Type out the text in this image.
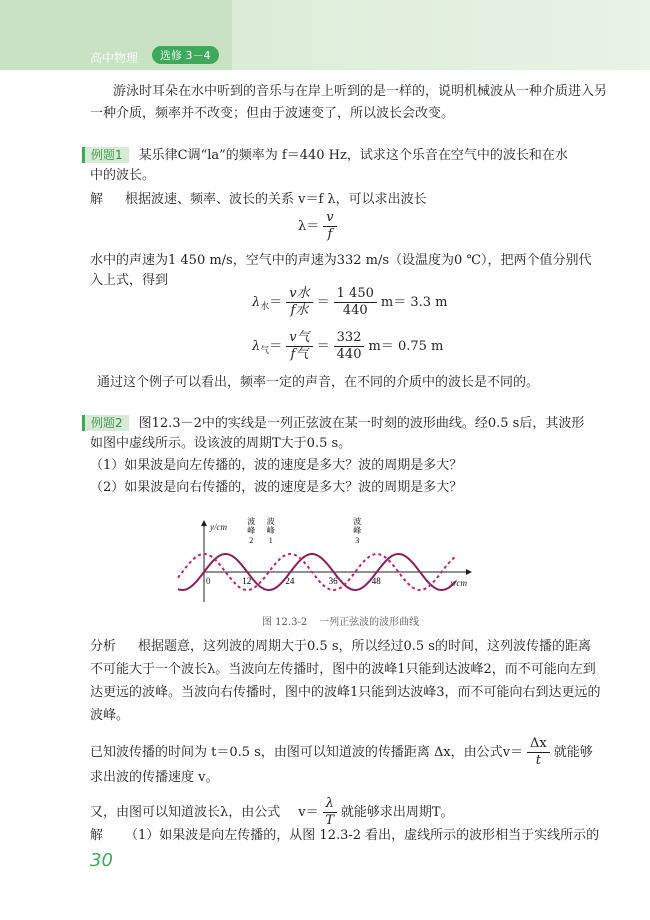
高中物理	选修 3－4
游泳时耳朵在水中听到的音乐与在岸上听到的是一样的，说明机械波从一种介质进入另
一种介质，频率并不改变；但由于波速变了，所以波长会改变。
例题1 某乐律C调“la”的频率为 f＝440 Hz，试求这个乐音在空气中的波长和在水
中的波长。
解 根据波速、频率、波长的关系 v＝f λ，可以求出波长
$\lambda= \frac{v}{f}$
水中的声速为1 450 m/s，空气中的声速为332 m/s（设温度为0 ℃），把两个值分别代
入上式，得到
$\lambda_水= \frac{\text{v水}}{\text{f水}} = \frac{1 450}{440} m= 3.3$ m
$\lambda_气= \frac{\text{v气}}{\text{f气}} = \frac{332}{440} m= 0.75$ m
通过这个例子可以看出，频率一定的声音，在不同的介质中的波长是不同的。
例题2 图12.3－2中的实线是一列正弦波在某一时刻的波形曲线。经0.5 s后，其波形
如图中虚线所示。设该波的周期T大于0.5 s。
（1）如果波是向左传播的，波的速度是多大？波的周期是多大？
（2）如果波是向右传播的，波的速度是多大？波的周期是多大？
y/cm
x/cm
0	12	24	36	48
波
峰
2
波
峰
1
波
峰
3
图 12.3-2 一列正弦波的波形曲线
分析 根据题意，这列波的周期大于0.5 s，所以经过0.5 s的时间，这列波传播的距离
不可能大于一个波长λ。当波向左传播时，图中的波峰1只能到达波峰2，而不可能向左到
达更远的波峰。当波向右传播时，图中的波峰1只能到达波峰3，而不可能向右到达更远的
波峰。
已知波传播的时间为 t＝0.5 s，由图可以知道波的传播距离 Δx，由公式$v= \frac{\Delta x}{t}$ 就能够
求出波的传播速度 v。
又，由图可以知道波长λ，由公式 $v= \frac{\lambda}{T}$ 就能够求出周期T。
解 （1）如果波是向左传播的，从图 12.3-2 看出，虚线所示的波形相当于实线所示的
30
